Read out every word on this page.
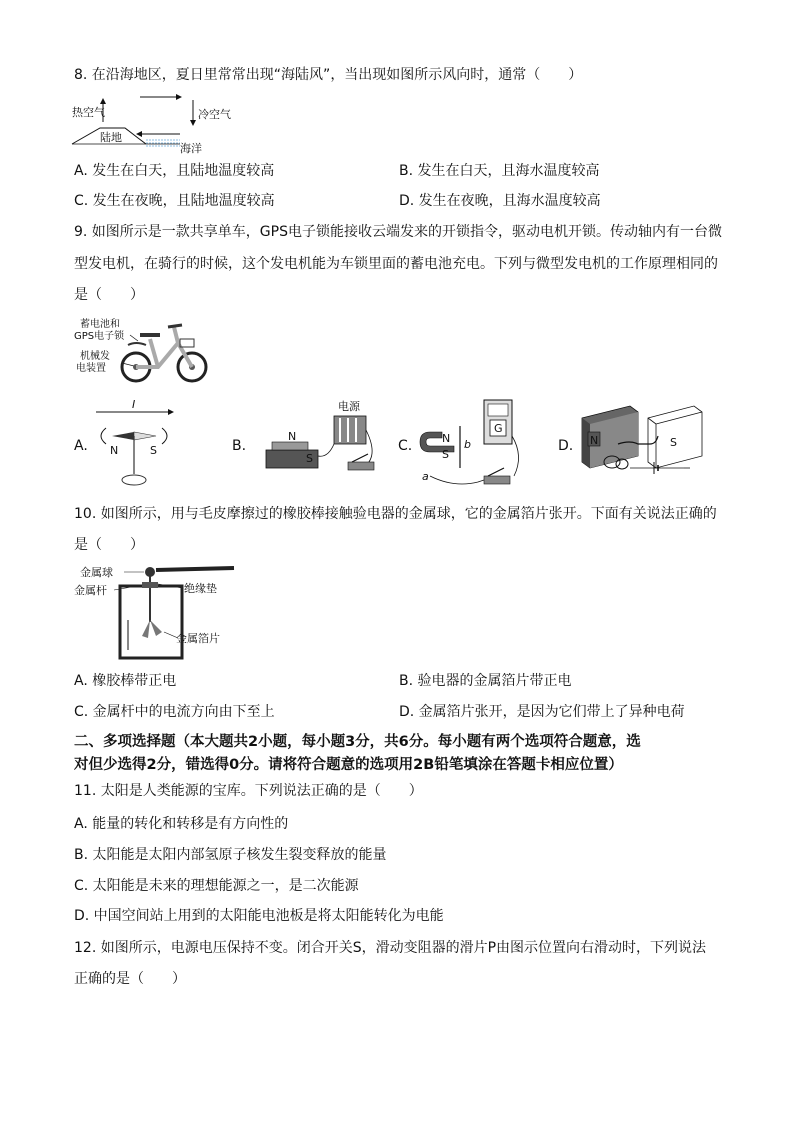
8. 在沿海地区，夏日里常常出现“海陆风”，当出现如图所示风向时，通常（　　）
热空气	冷空气
陆地
海洋
A. 发生在白天，且陆地温度较高	B. 发生在白天，且海水温度较高
C. 发生在夜晚，且陆地温度较高	D. 发生在夜晚，且海水温度较高
9. 如图所示是一款共享单车，GPS电子锁能接收云端发来的开锁指令，驱动电机开锁。传动轴内有一台微
型发电机，在骑行的时候，这个发电机能为车锁里面的蓄电池充电。下列与微型发电机的工作原理相同的
是（　　）
蓄电池和
GPS电子锁
机械发
电装置
A.
I
N	S	B.
电源
N
S
C.
G
N
S
b
a
D. N	S
10. 如图所示，用与毛皮摩擦过的橡胶棒接触验电器的金属球，它的金属箔片张开。下面有关说法正确的
是（　　）
金属球
金属杆	绝缘垫
金属箔片
A. 橡胶棒带正电	B. 验电器的金属箔片带正电
C. 金属杆中的电流方向由下至上	D. 金属箔片张开，是因为它们带上了异种电荷
二、多项选择题（本大题共2小题，每小题3分，共6分。每小题有两个选项符合题意，选
对但少选得2分，错选得0分。请将符合题意的选项用2B铅笔填涂在答题卡相应位置）
11. 太阳是人类能源的宝库。下列说法正确的是（　　）
A. 能量的转化和转移是有方向性的
B. 太阳能是太阳内部氢原子核发生裂变释放的能量
C. 太阳能是未来的理想能源之一，是二次能源
D. 中国空间站上用到的太阳能电池板是将太阳能转化为电能
12. 如图所示，电源电压保持不变。闭合开关S，滑动变阻器的滑片P由图示位置向右滑动时，下列说法
正确的是（　　）
